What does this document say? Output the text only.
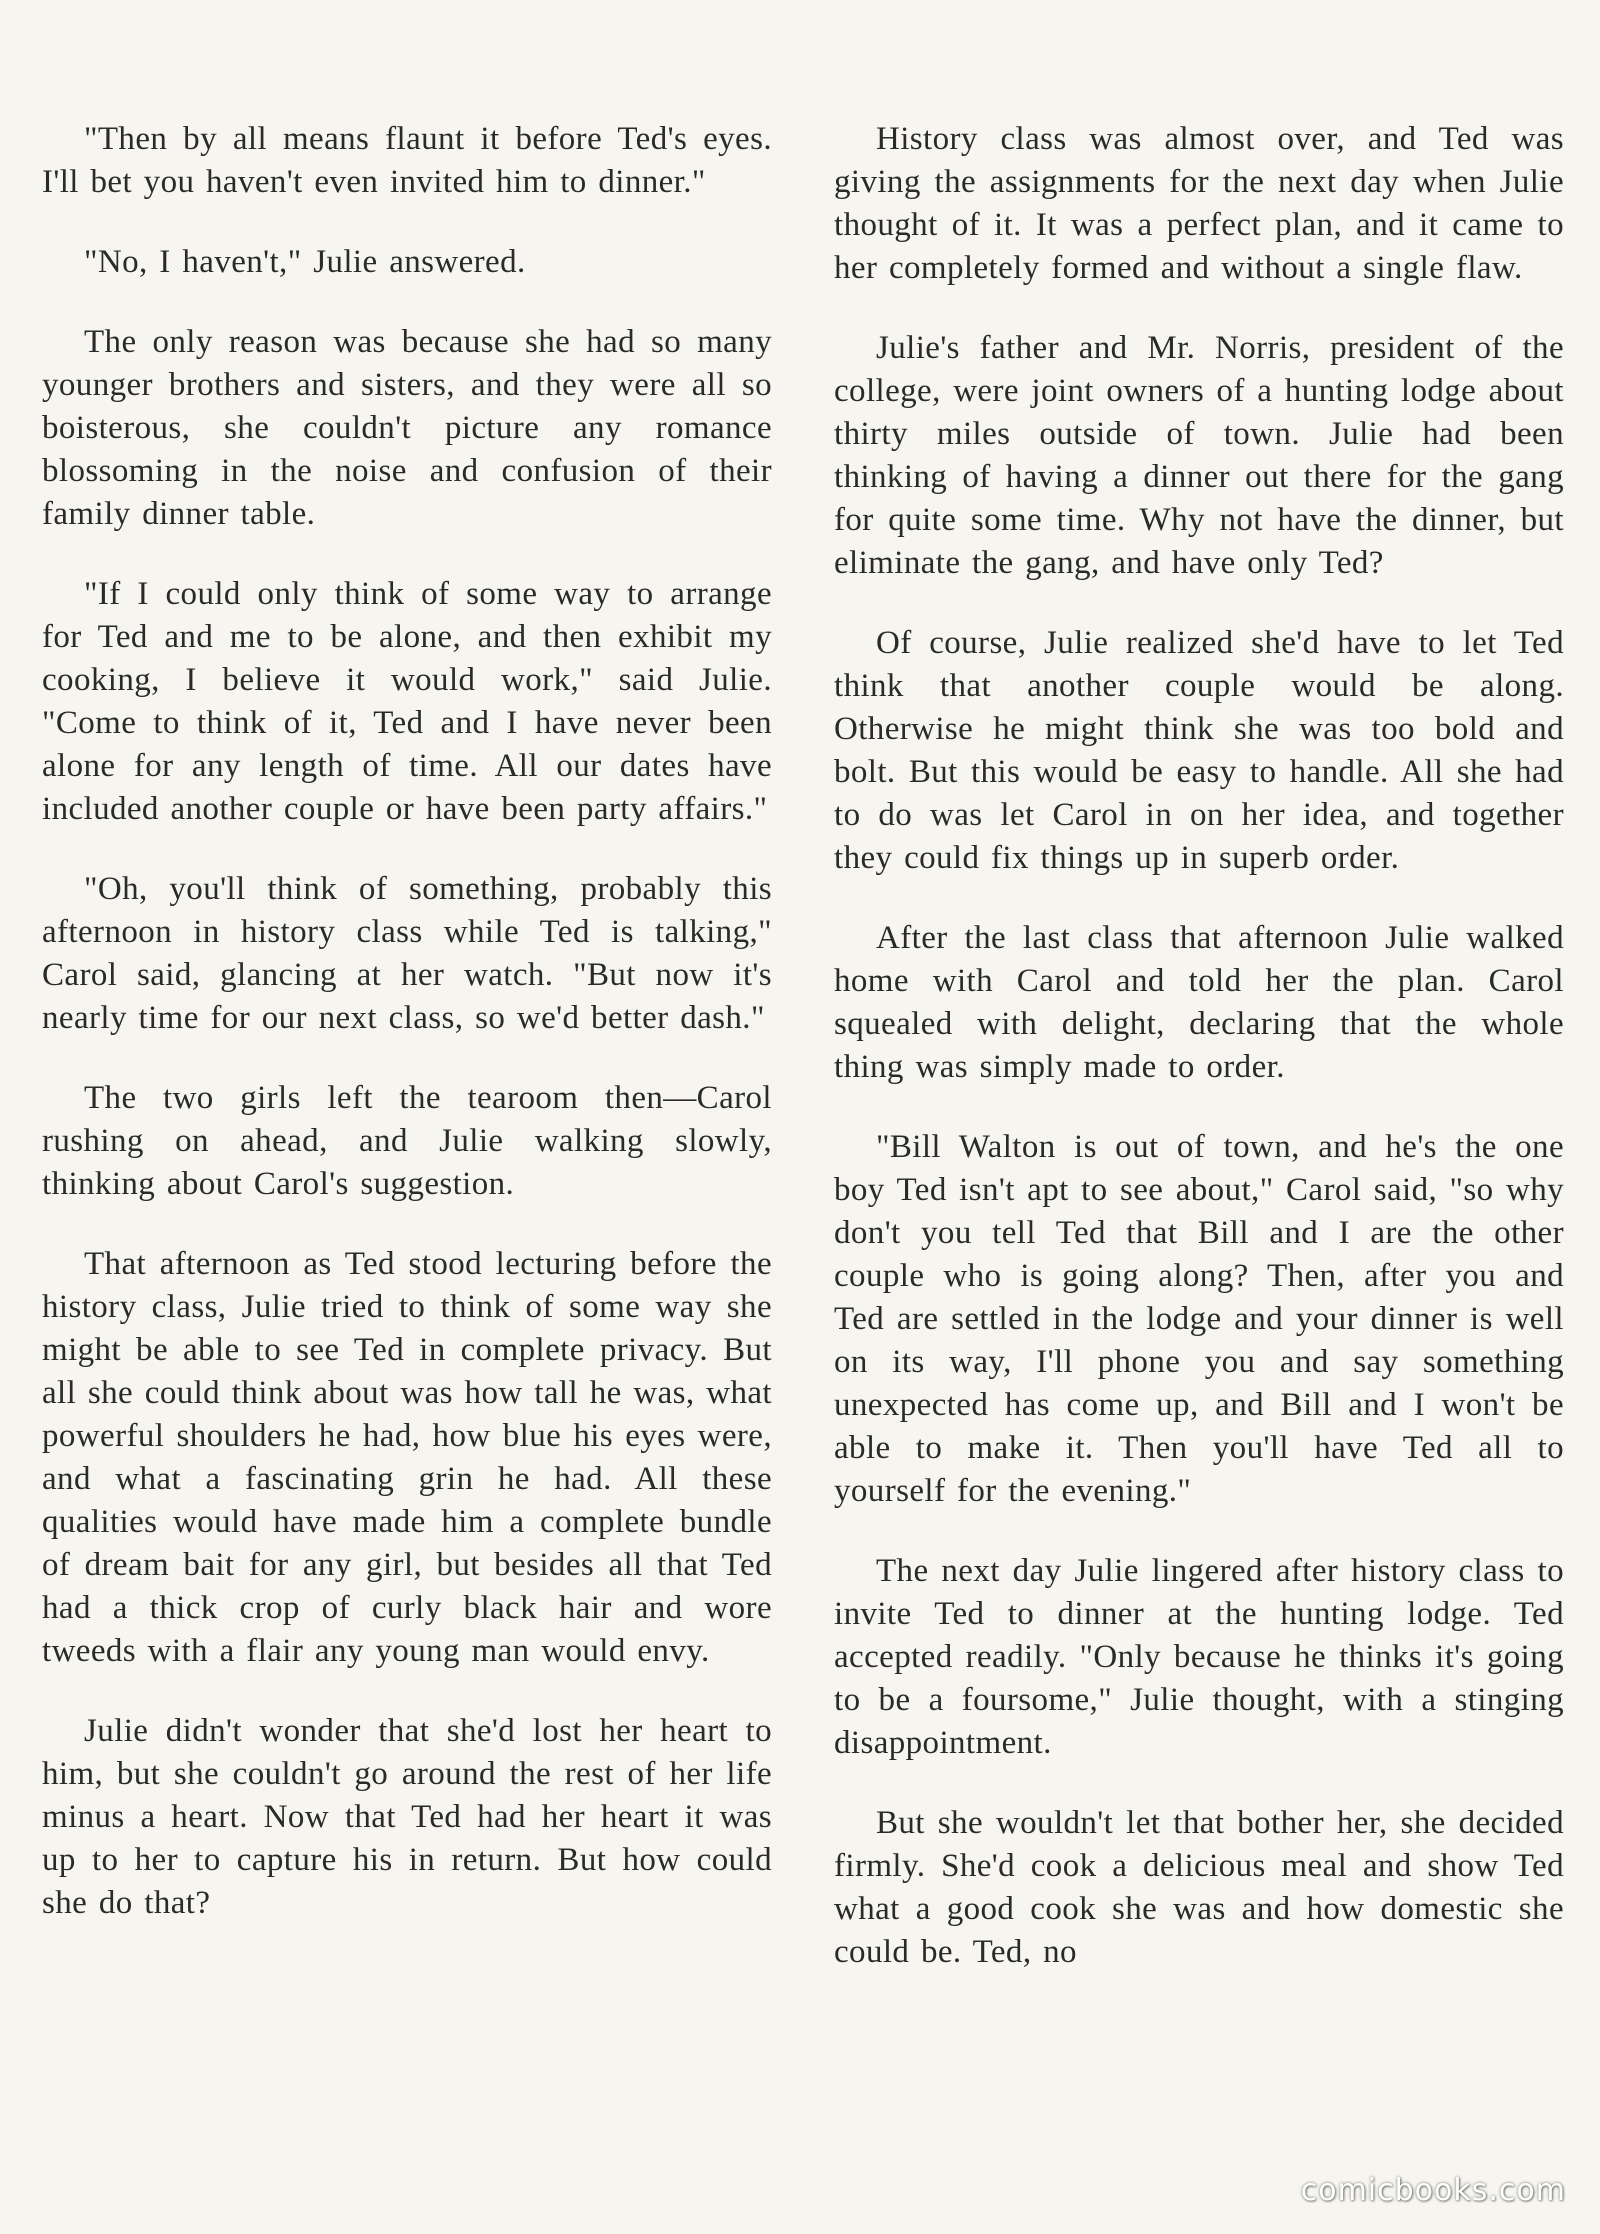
"Then by all means flaunt it before Ted's eyes. I'll bet you haven't even invited him to dinner."

"No, I haven't," Julie answered.

The only reason was because she had so many younger brothers and sisters, and they were all so boisterous, she couldn't picture any romance blossoming in the noise and confusion of their family dinner table.

"If I could only think of some way to arrange for Ted and me to be alone, and then exhibit my cooking, I believe it would work," said Julie. "Come to think of it, Ted and I have never been alone for any length of time. All our dates have included another couple or have been party affairs."

"Oh, you'll think of something, probably this afternoon in history class while Ted is talking," Carol said, glancing at her watch. "But now it's nearly time for our next class, so we'd better dash."

The two girls left the tearoom then—Carol rushing on ahead, and Julie walking slowly, thinking about Carol's suggestion.

That afternoon as Ted stood lecturing before the history class, Julie tried to think of some way she might be able to see Ted in complete privacy. But all she could think about was how tall he was, what powerful shoulders he had, how blue his eyes were, and what a fascinating grin he had. All these qualities would have made him a complete bundle of dream bait for any girl, but besides all that Ted had a thick crop of curly black hair and wore tweeds with a flair any young man would envy.

Julie didn't wonder that she'd lost her heart to him, but she couldn't go around the rest of her life minus a heart. Now that Ted had her heart it was up to her to capture his in return. But how could she do that?

History class was almost over, and Ted was giving the assignments for the next day when Julie thought of it. It was a perfect plan, and it came to her completely formed and without a single flaw.

Julie's father and Mr. Norris, president of the college, were joint owners of a hunting lodge about thirty miles outside of town. Julie had been thinking of having a dinner out there for the gang for quite some time. Why not have the dinner, but eliminate the gang, and have only Ted?

Of course, Julie realized she'd have to let Ted think that another couple would be along. Otherwise he might think she was too bold and bolt. But this would be easy to handle. All she had to do was let Carol in on her idea, and together they could fix things up in superb order.

After the last class that afternoon Julie walked home with Carol and told her the plan. Carol squealed with delight, declaring that the whole thing was simply made to order.

"Bill Walton is out of town, and he's the one boy Ted isn't apt to see about," Carol said, "so why don't you tell Ted that Bill and I are the other couple who is going along? Then, after you and Ted are settled in the lodge and your dinner is well on its way, I'll phone you and say something unexpected has come up, and Bill and I won't be able to make it. Then you'll have Ted all to yourself for the evening."

The next day Julie lingered after history class to invite Ted to dinner at the hunting lodge. Ted accepted readily. "Only because he thinks it's going to be a foursome," Julie thought, with a stinging disappointment.

But she wouldn't let that bother her, she decided firmly. She'd cook a delicious meal and show Ted what a good cook she was and how domestic she could be. Ted, no

comicbooks.com
